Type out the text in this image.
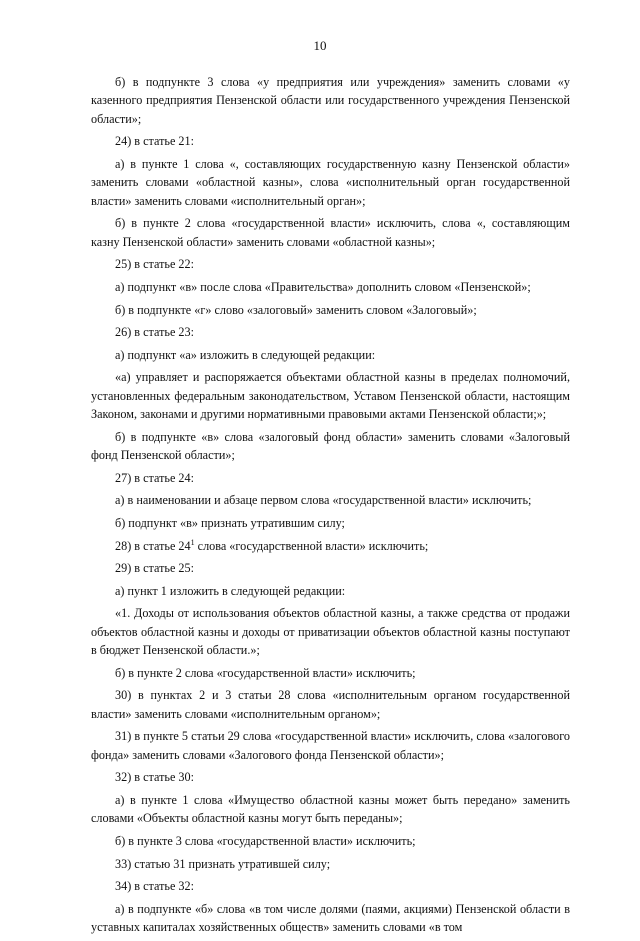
10

б) в подпункте 3 слова «у предприятия или учреждения» заменить словами «у казенного предприятия Пензенской области или государственного учреждения Пензенской области»;

24) в статье 21:

а) в пункте 1 слова «, составляющих государственную казну Пензенской области» заменить словами «областной казны», слова «исполнительный орган государственной власти» заменить словами «исполнительный орган»;

б) в пункте 2 слова «государственной власти» исключить, слова «, составляющим казну Пензенской области» заменить словами «областной казны»;

25) в статье 22:

а) подпункт «в» после слова «Правительства» дополнить словом «Пензенской»;

б) в подпункте «г» слово «залоговый» заменить словом «Залоговый»;

26) в статье 23:

а) подпункт «а» изложить в следующей редакции:

«а) управляет и распоряжается объектами областной казны в пределах полномочий, установленных федеральным законодательством, Уставом Пензенской области, настоящим Законом, законами и другими нормативными правовыми актами Пензенской области;»;

б) в подпункте «в» слова «залоговый фонд области» заменить словами «Залоговый фонд Пензенской области»;

27) в статье 24:

а) в наименовании и абзаце первом слова «государственной власти» исключить;

б) подпункт «в» признать утратившим силу;

28) в статье $24^1$ слова «государственной власти» исключить;

29) в статье 25:

а) пункт 1 изложить в следующей редакции:

«1. Доходы от использования объектов областной казны, а также средства от продажи объектов областной казны и доходы от приватизации объектов областной казны поступают в бюджет Пензенской области.»;

б) в пункте 2 слова «государственной власти» исключить;

30) в пунктах 2 и 3 статьи 28 слова «исполнительным органом государственной власти» заменить словами «исполнительным органом»;

31) в пункте 5 статьи 29 слова «государственной власти» исключить, слова «залогового фонда» заменить словами «Залогового фонда Пензенской области»;

32) в статье 30:

а) в пункте 1 слова «Имущество областной казны может быть передано» заменить словами «Объекты областной казны могут быть переданы»;

б) в пункте 3 слова «государственной власти» исключить;

33) статью 31 признать утратившей силу;

34) в статье 32:

а) в подпункте «б» слова «в том числе долями (паями, акциями) Пензенской области в уставных капиталах хозяйственных обществ» заменить словами «в том
